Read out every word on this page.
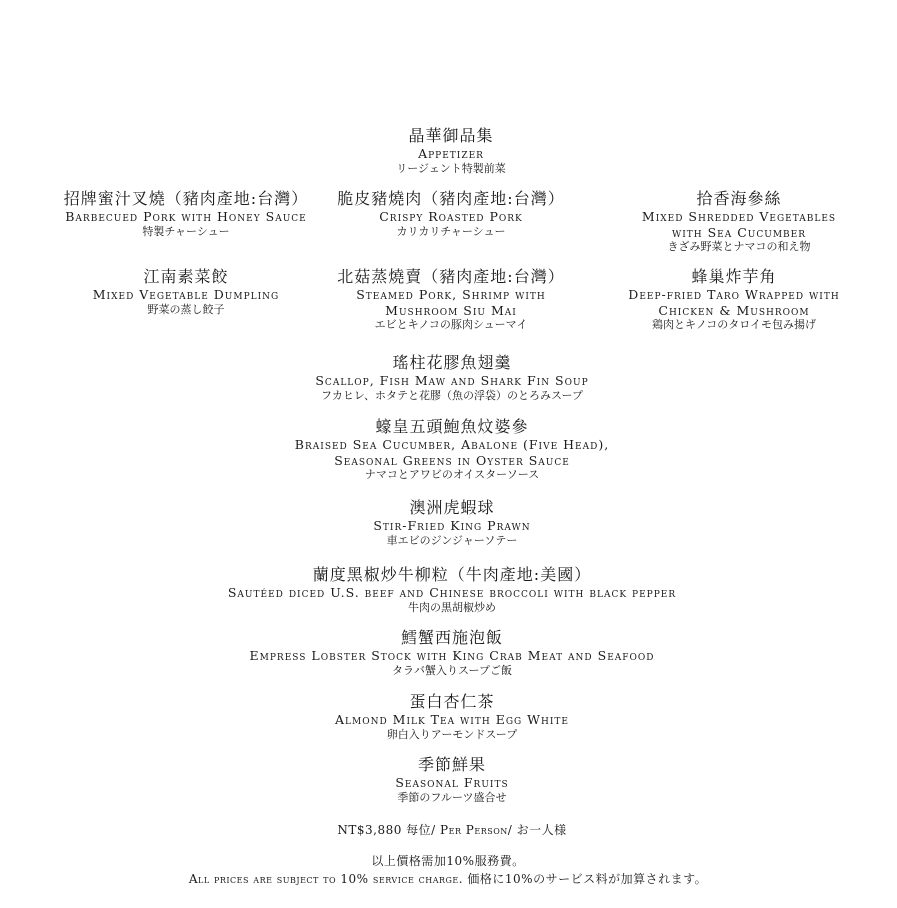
晶華御品集
Appetizer
リージェント特製前菜
招牌蜜汁叉燒（豬肉產地:台灣）
Barbecued Pork with Honey Sauce
特製チャーシュー
脆皮豬燒肉（豬肉產地:台灣）
Crispy Roasted Pork
カリカリチャーシュー
拾香海參絲
Mixed Shredded Vegetables
with Sea Cucumber
きざみ野菜とナマコの和え物
江南素菜餃
Mixed Vegetable Dumpling
野菜の蒸し餃子
北菇蒸燒賣（豬肉產地:台灣）
Steamed Pork, Shrimp with
Mushroom Siu Mai
エビとキノコの豚肉シューマイ
蜂巢炸芋角
Deep-fried Taro Wrapped with
Chicken & Mushroom
鶏肉とキノコのタロイモ包み揚げ
瑤柱花膠魚翅羹
Scallop, Fish Maw and Shark Fin Soup
フカヒレ、ホタテと花膠（魚の浮袋）のとろみスープ
蠔皇五頭鮑魚炆婆參
Braised Sea Cucumber, Abalone (Five Head),
Seasonal Greens in Oyster Sauce
ナマコとアワビのオイスターソース
澳洲虎蝦球
Stir-Fried King Prawn
車エビのジンジャーソテー
蘭度黑椒炒牛柳粒（牛肉產地:美國）
Sautéed diced U.S. beef and Chinese broccoli with black pepper
牛肉の黒胡椒炒め
鱈蟹西施泡飯
Empress Lobster Stock with King Crab Meat and Seafood
タラバ蟹入りスープご飯
蛋白杏仁茶
Almond Milk Tea with Egg White
卵白入りアーモンドスープ
季節鮮果
Seasonal Fruits
季節のフルーツ盛合せ
NT$3,880 每位/ Per Person/ お一人様
以上價格需加10%服務費。
All prices are subject to 10% service charge. 価格に10%のサービス料が加算されます。
